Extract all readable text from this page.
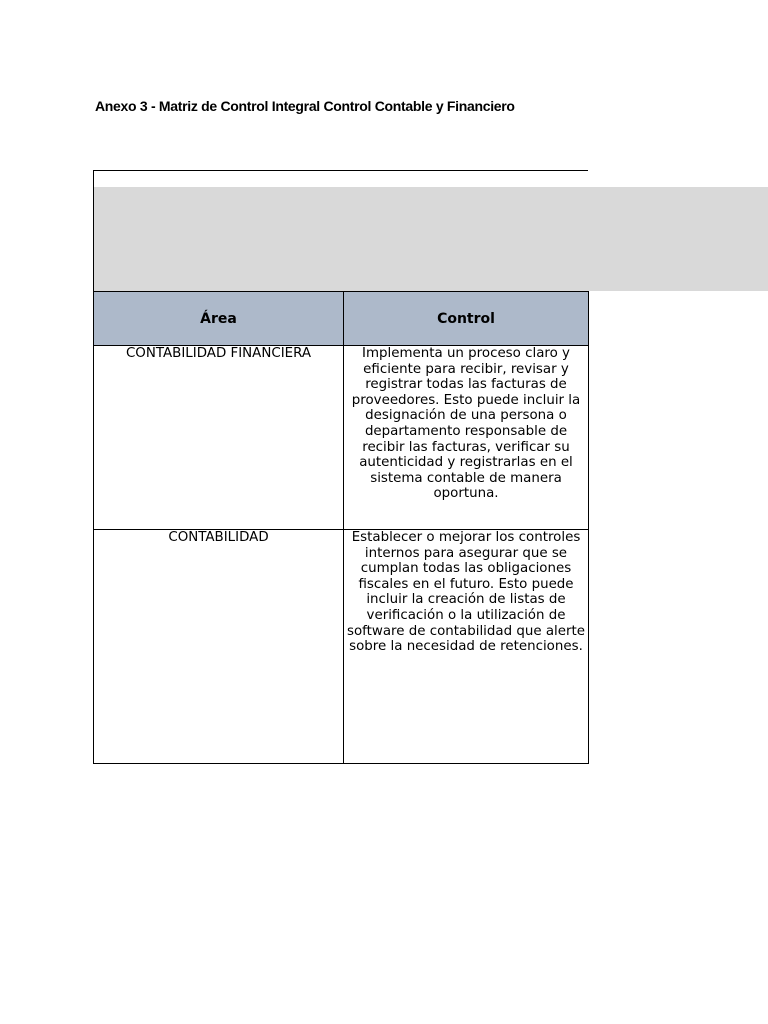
Anexo 3 - Matriz de Control Integral Control Contable y Financiero
Área	Control
CONTABILIDAD FINANCIERA	Implementa un proceso claro y eficiente para recibir, revisar y registrar todas las facturas de proveedores. Esto puede incluir la designación de una persona o departamento responsable de recibir las facturas, verificar su autenticidad y registrarlas en el sistema contable de manera oportuna.
CONTABILIDAD	Establecer o mejorar los controles internos para asegurar que se cumplan todas las obligaciones fiscales en el futuro. Esto puede incluir la creación de listas de verificación o la utilización de software de contabilidad que alerte sobre la necesidad de retenciones.
